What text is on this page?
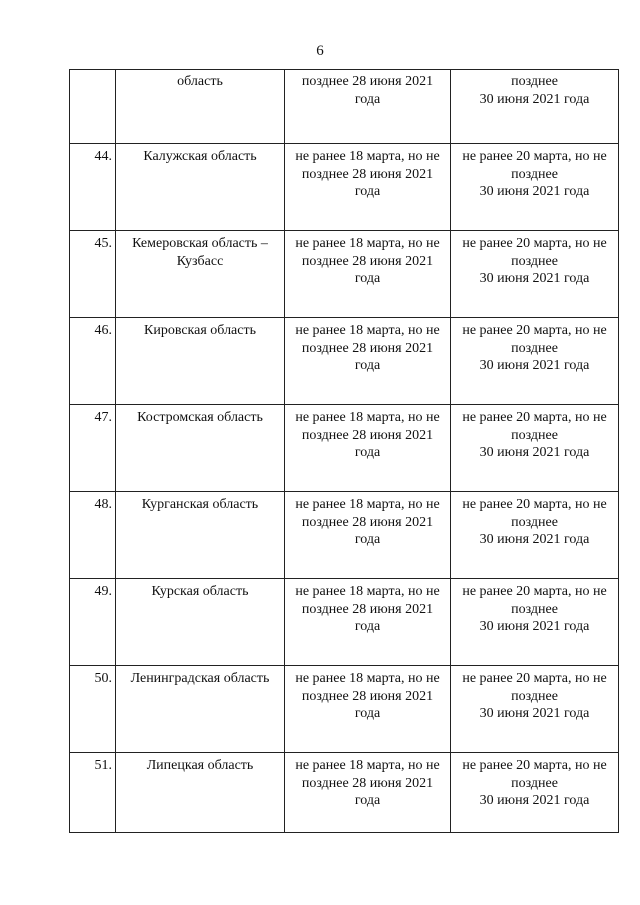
6

	область	позднее 28 июня 2021
года	позднее
30 июня 2021 года

44.	Калужская область	не ранее 18 марта, но не
позднее 28 июня 2021
года	не ранее 20 марта, но не
позднее
30 июня 2021 года

45.	Кемеровская область –
Кузбасс	не ранее 18 марта, но не
позднее 28 июня 2021
года	не ранее 20 марта, но не
позднее
30 июня 2021 года

46.	Кировская область	не ранее 18 марта, но не
позднее 28 июня 2021
года	не ранее 20 марта, но не
позднее
30 июня 2021 года

47.	Костромская область	не ранее 18 марта, но не
позднее 28 июня 2021
года	не ранее 20 марта, но не
позднее
30 июня 2021 года

48.	Курганская область	не ранее 18 марта, но не
позднее 28 июня 2021
года	не ранее 20 марта, но не
позднее
30 июня 2021 года

49.	Курская область	не ранее 18 марта, но не
позднее 28 июня 2021
года	не ранее 20 марта, но не
позднее
30 июня 2021 года

50.	Ленинградская область	не ранее 18 марта, но не
позднее 28 июня 2021
года	не ранее 20 марта, но не
позднее
30 июня 2021 года

51.	Липецкая область	не ранее 18 марта, но не
позднее 28 июня 2021
года	не ранее 20 марта, но не
позднее
30 июня 2021 года
